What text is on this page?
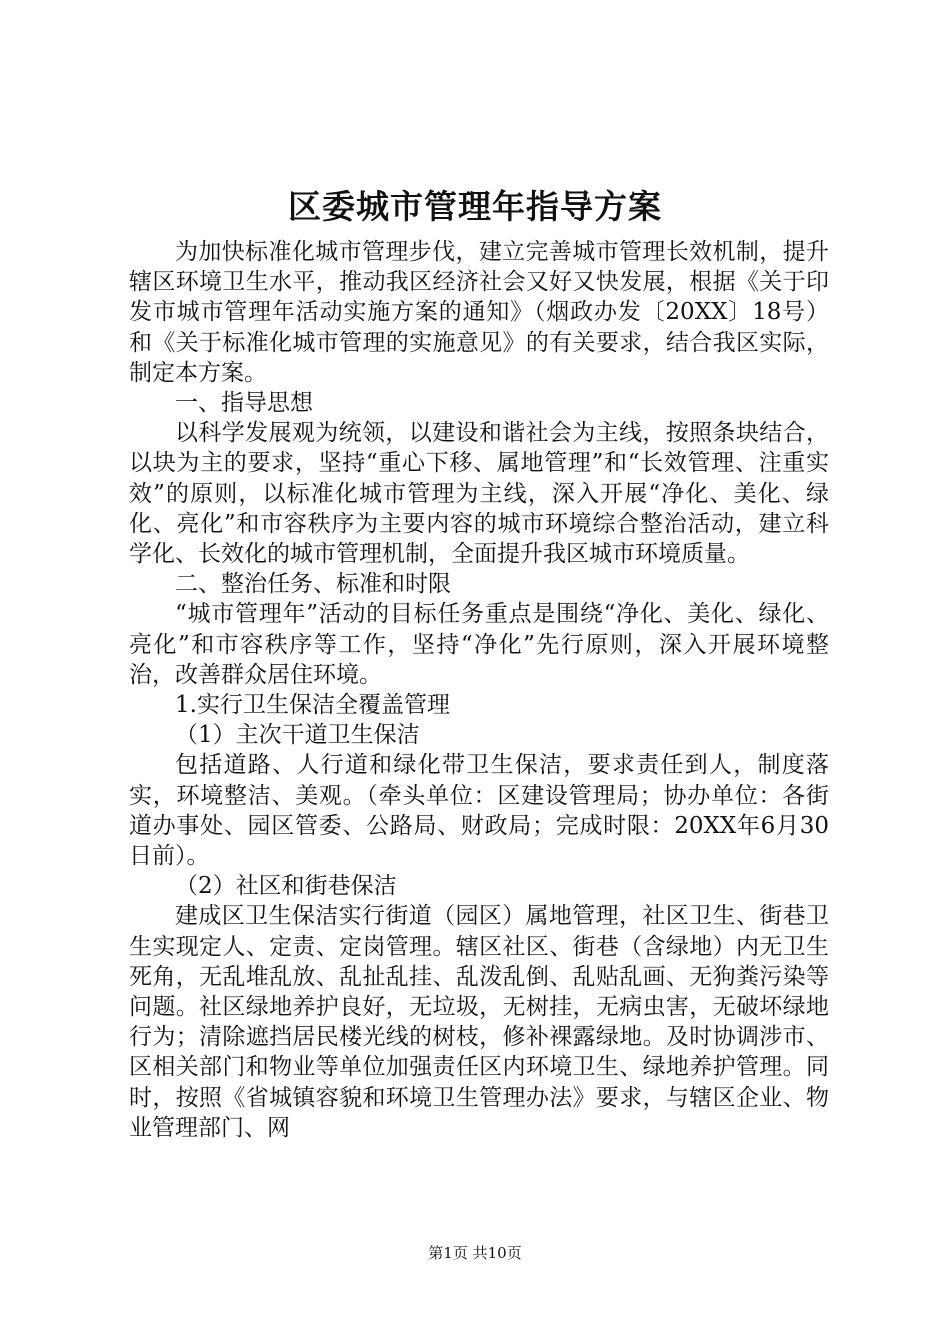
区委城市管理年指导方案

为加快标准化城市管理步伐，建立完善城市管理长效机制，提升辖区环境卫生水平，推动我区经济社会又好又快发展，根据《关于印发市城市管理年活动实施方案的通知》（烟政办发〔20XX〕18号）和《关于标准化城市管理的实施意见》的有关要求，结合我区实际，制定本方案。

一、指导思想

以科学发展观为统领，以建设和谐社会为主线，按照条块结合，以块为主的要求，坚持“重心下移、属地管理”和“长效管理、注重实效”的原则，以标准化城市管理为主线，深入开展“净化、美化、绿化、亮化”和市容秩序为主要内容的城市环境综合整治活动，建立科学化、长效化的城市管理机制，全面提升我区城市环境质量。

二、整治任务、标准和时限

“城市管理年”活动的目标任务重点是围绕“净化、美化、绿化、亮化”和市容秩序等工作，坚持“净化”先行原则，深入开展环境整治，改善群众居住环境。

1.实行卫生保洁全覆盖管理

（1）主次干道卫生保洁

包括道路、人行道和绿化带卫生保洁，要求责任到人，制度落实，环境整洁、美观。（牵头单位：区建设管理局；协办单位：各街道办事处、园区管委、公路局、财政局；完成时限：20XX年6月30日前）。

（2）社区和街巷保洁

建成区卫生保洁实行街道（园区）属地管理，社区卫生、街巷卫生实现定人、定责、定岗管理。辖区社区、街巷（含绿地）内无卫生死角，无乱堆乱放、乱扯乱挂、乱泼乱倒、乱贴乱画、无狗粪污染等问题。社区绿地养护良好，无垃圾，无树挂，无病虫害，无破坏绿地行为；清除遮挡居民楼光线的树枝，修补裸露绿地。及时协调涉市、区相关部门和物业等单位加强责任区内环境卫生、绿地养护管理。同时，按照《省城镇容貌和环境卫生管理办法》要求，与辖区企业、物业管理部门、网

第1页 共10页
